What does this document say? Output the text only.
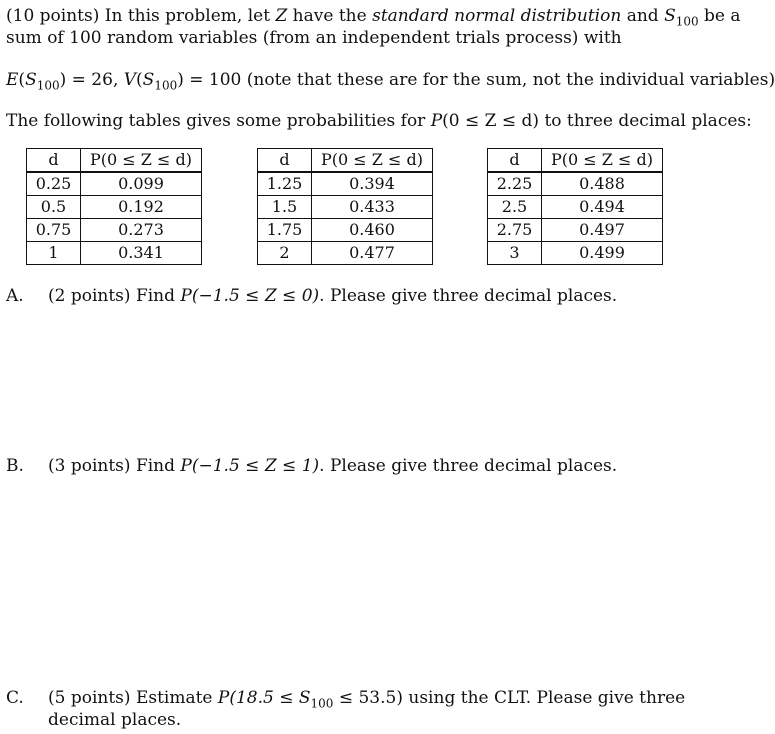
(10 points) In this problem, let Z have the standard normal distribution and $S_{100}$ be a
sum of 100 random variables (from an independent trials process) with
$E(S_{100}) = 26$, $V(S_{100}) = 100$ (note that these are for the sum, not the individual variables)
The following tables gives some probabilities for P(0 ≤ Z ≤ d) to three decimal places:
d	P(0 ≤ Z ≤ d)
0.25	0.099
0.5	0.192
0.75	0.273
1	0.341
d	P(0 ≤ Z ≤ d)
1.25	0.394
1.5	0.433
1.75	0.460
2	0.477
d	P(0 ≤ Z ≤ d)
2.25	0.488
2.5	0.494
2.75	0.497
3	0.499
A. (2 points) Find P(−1.5 ≤ Z ≤ 0). Please give three decimal places.
B. (3 points) Find P(−1.5 ≤ Z ≤ 1). Please give three decimal places.
C. (5 points) Estimate $P(18.5 \le S_{100} \le 53.5)$ using the CLT. Please give three
decimal places.
